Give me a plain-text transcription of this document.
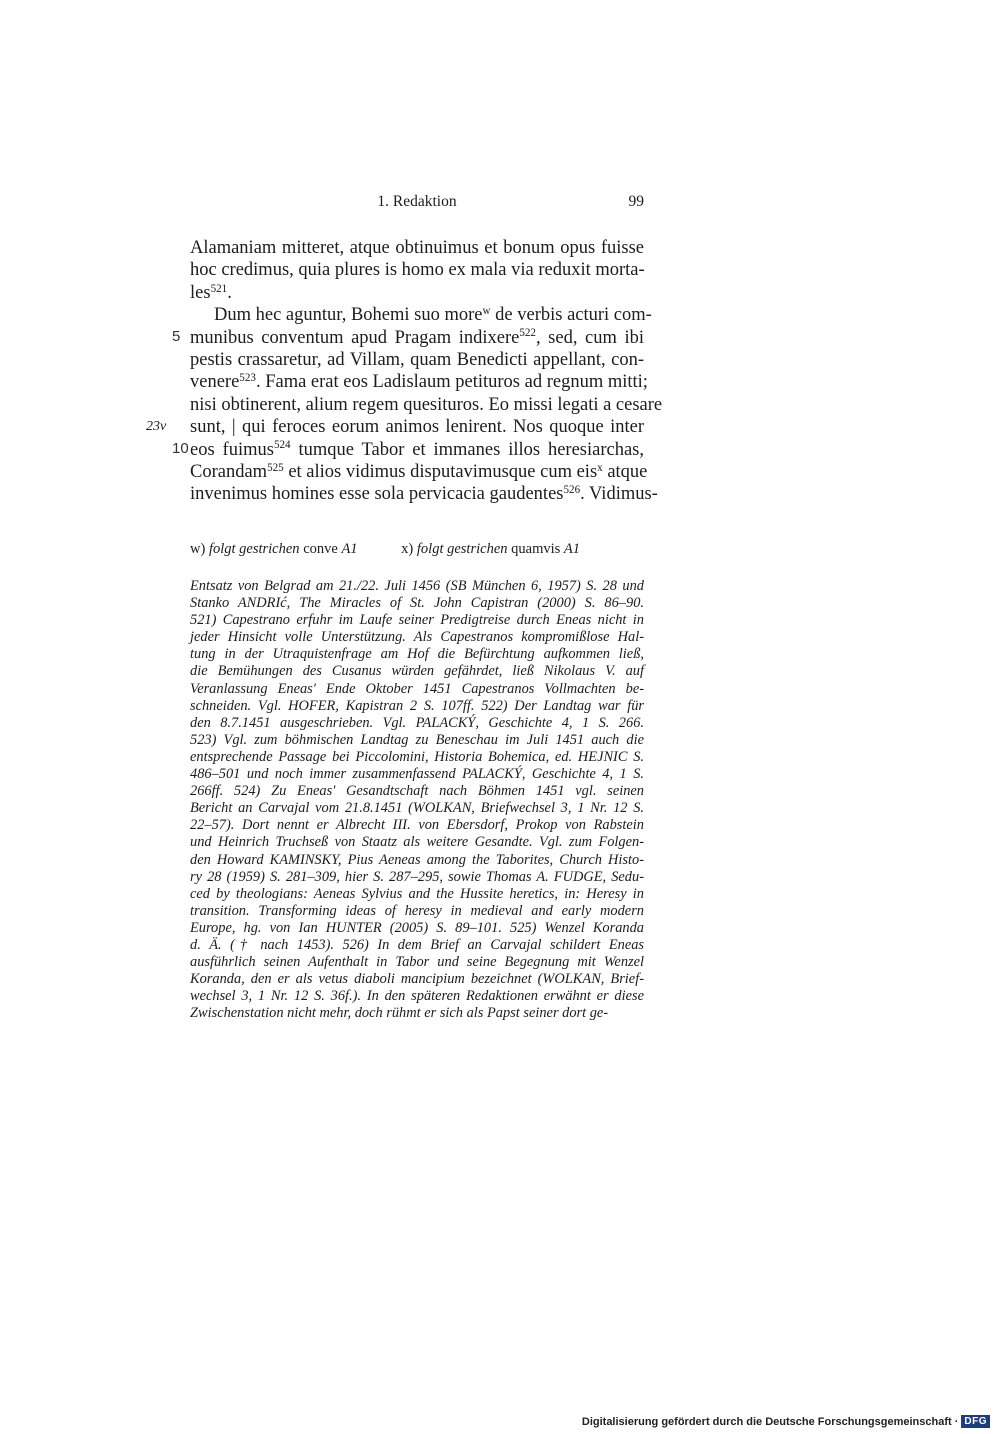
1. Redaktion	99
Alamaniam mitteret, atque obtinuimus et bonum opus fuisse
hoc credimus, quia plures is homo ex mala via reduxit morta-
les$^{521}$.
Dum hec aguntur, Bohemi suo more$^w$ de verbis acturi com-
munibus conventum apud Pragam indixere$^{522}$, sed, cum ibi
pestis crassaretur, ad Villam, quam Benedicti appellant, con-
venere$^{523}$. Fama erat eos Ladislaum petituros ad regnum mitti;
nisi obtinerent, alium regem quesituros. Eo missi legati a cesare
sunt, | qui feroces eorum animos lenirent. Nos quoque inter
eos fuimus$^{524}$ tumque Tabor et immanes illos heresiarchas,
Corandam$^{525}$ et alios vidimus disputavimusque cum eis$^x$ atque
invenimus homines esse sola pervicacia gaudentes$^{526}$. Vidimus-
5
10
23v
w) folgt gestrichen conve A1	x) folgt gestrichen quamvis A1
Entsatz von Belgrad am 21./22. Juli 1456 (SB München 6, 1957) S. 28 und
Stanko ANDRIć, The Miracles of St. John Capistran (2000) S. 86–90.
521) Capestrano erfuhr im Laufe seiner Predigtreise durch Eneas nicht in
jeder Hinsicht volle Unterstützung. Als Capestranos kompromißlose Hal-
tung in der Utraquistenfrage am Hof die Befürchtung aufkommen ließ,
die Bemühungen des Cusanus würden gefährdet, ließ Nikolaus V. auf
Veranlassung Eneas' Ende Oktober 1451 Capestranos Vollmachten be-
schneiden. Vgl. HOFER, Kapistran 2 S. 107ff. 522) Der Landtag war für
den 8.7.1451 ausgeschrieben. Vgl. PALACKÝ, Geschichte 4, 1 S. 266.
523) Vgl. zum böhmischen Landtag zu Beneschau im Juli 1451 auch die
entsprechende Passage bei Piccolomini, Historia Bohemica, ed. HEJNIC S.
486–501 und noch immer zusammenfassend PALACKÝ, Geschichte 4, 1 S.
266ff. 524) Zu Eneas' Gesandtschaft nach Böhmen 1451 vgl. seinen
Bericht an Carvajal vom 21.8.1451 (WOLKAN, Briefwechsel 3, 1 Nr. 12 S.
22–57). Dort nennt er Albrecht III. von Ebersdorf, Prokop von Rabstein
und Heinrich Truchseß von Staatz als weitere Gesandte. Vgl. zum Folgen-
den Howard KAMINSKY, Pius Aeneas among the Taborites, Church Histo-
ry 28 (1959) S. 281–309, hier S. 287–295, sowie Thomas A. FUDGE, Sedu-
ced by theologians: Aeneas Sylvius and the Hussite heretics, in: Heresy in
transition. Transforming ideas of heresy in medieval and early modern
Europe, hg. von Ian HUNTER (2005) S. 89–101. 525) Wenzel Koranda
d. Ä. († nach 1453). 526) In dem Brief an Carvajal schildert Eneas
ausführlich seinen Aufenthalt in Tabor und seine Begegnung mit Wenzel
Koranda, den er als vetus diaboli mancipium bezeichnet (WOLKAN, Brief-
wechsel 3, 1 Nr. 12 S. 36f.). In den späteren Redaktionen erwähnt er diese
Zwischenstation nicht mehr, doch rühmt er sich als Papst seiner dort ge-
Digitalisierung gefördert durch die Deutsche Forschungsgemeinschaft · DFG
